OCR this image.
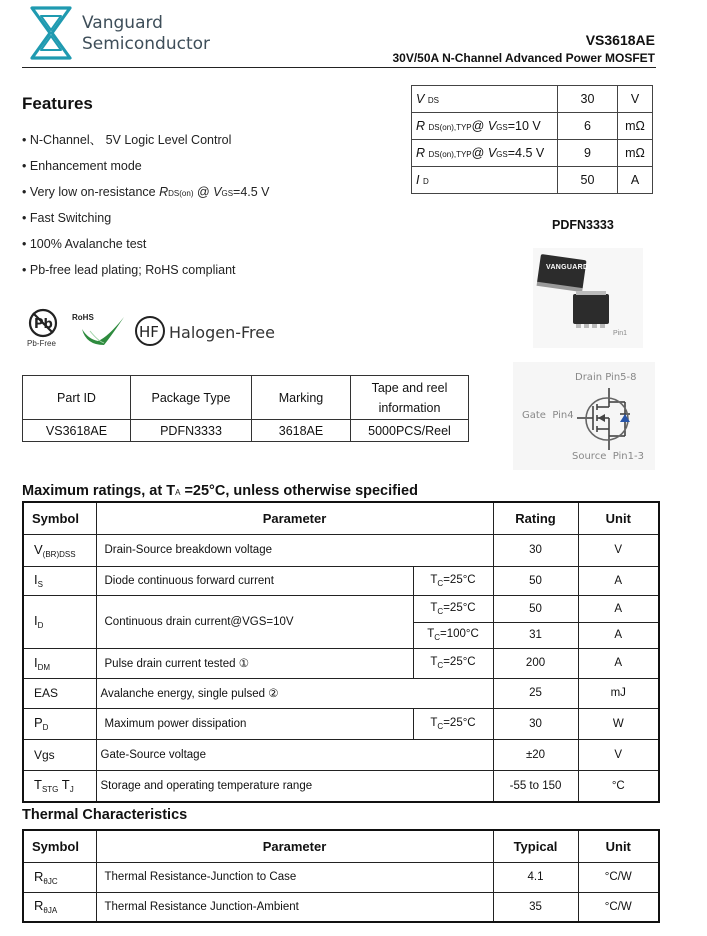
Vanguard
Semiconductor	VS3618AE
30V/50A N-Channel Advanced Power MOSFET
Features
• N-Channel、 5V Logic Level Control
• Enhancement mode
• Very low on-resistance RDS(on) @ VGS=4.5 V
• Fast Switching
• 100% Avalanche test
• Pb-free lead plating; RoHS compliant
V DS	30	V
R DS(on),TYP@ VGS=10 V	6	mΩ
R DS(on),TYP@ VGS=4.5 V	9	mΩ
I D	50	A
PDFN3333
VANGUARD
Pin1
Pb	HF
Pb-Free
RoHS
Halogen-Free
Part ID	Package Type	Marking	Tape and reel information
VS3618AE	PDFN3333	3618AE	5000PCS/Reel
Drain Pin5-8
Gate Pin4
Source Pin1-3
Maximum ratings, at TA =25°C, unless otherwise specified
Symbol	Parameter		Rating	Unit
$V_{(BR)DSS}$	Drain-Source breakdown voltage		30	V
$I_S$	Diode continuous forward current	$T_C=25^\circ C$	50	A
$I_D$	Continuous drain current@VGS=10V	$T_C=25^\circ C$	50	A
		$T_C=100^\circ C$	31	A
$I_{DM}$	Pulse drain current tested ①	$T_C=25^\circ C$	200	A
EAS	Avalanche energy, single pulsed ②		25	mJ
$P_D$	Maximum power dissipation	$T_C=25^\circ C$	30	W
Vgs	Gate-Source voltage		±20	V
$T_{STG}$ $T_J$	Storage and operating temperature range		-55 to 150	°C
Thermal Characteristics
Symbol	Parameter	Typical	Unit
$R_{\theta JC}$	Thermal Resistance-Junction to Case	4.1	°C/W
$R_{\theta JA}$	Thermal Resistance Junction-Ambient	35	°C/W
